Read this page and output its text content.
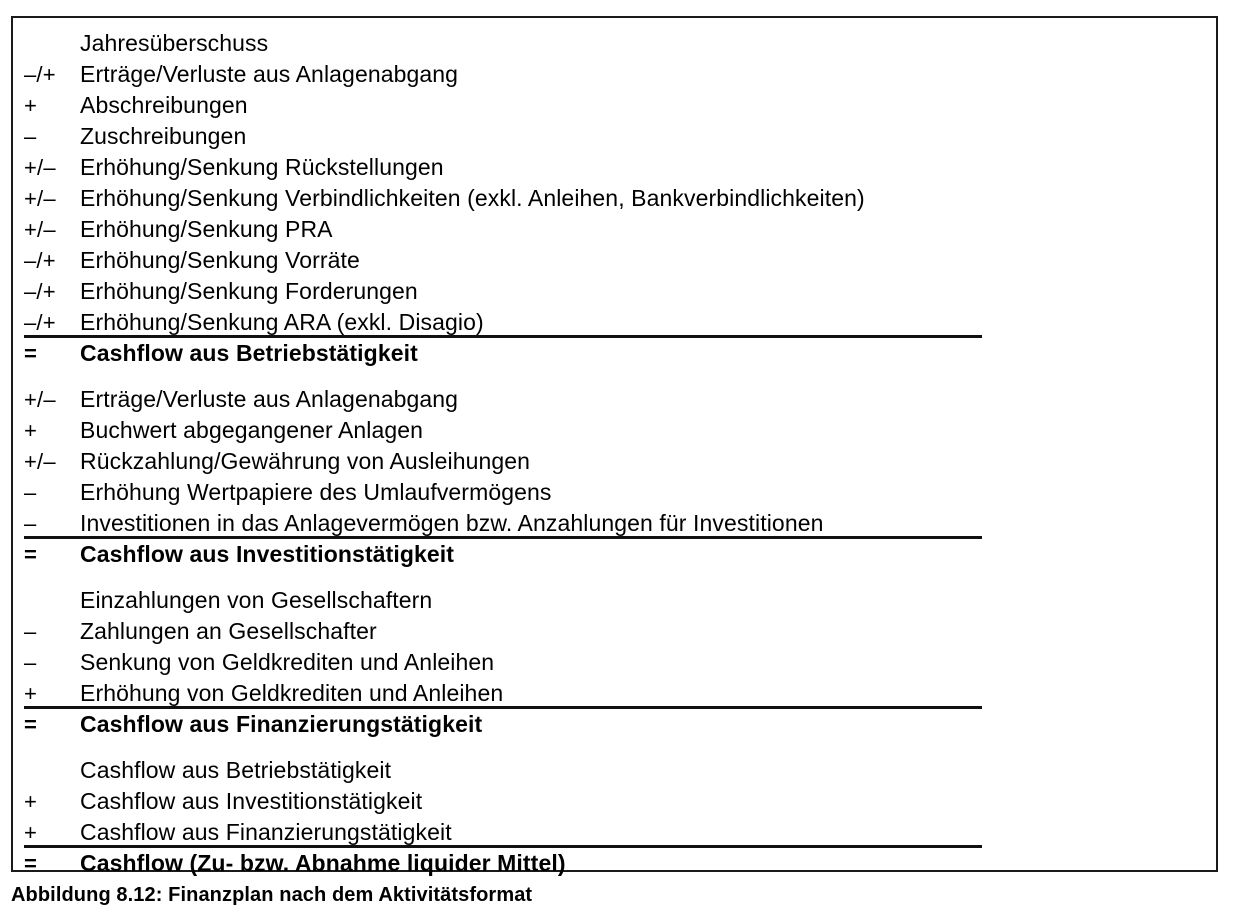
Jahresüberschuss
–/+	Erträge/Verluste aus Anlagenabgang
+	Abschreibungen
–	Zuschreibungen
+/–	Erhöhung/Senkung Rückstellungen
+/–	Erhöhung/Senkung Verbindlichkeiten (exkl. Anleihen, Bankverbindlichkeiten)
+/–	Erhöhung/Senkung PRA
–/+	Erhöhung/Senkung Vorräte
–/+	Erhöhung/Senkung Forderungen
–/+	Erhöhung/Senkung ARA (exkl. Disagio)
=	Cashflow aus Betriebstätigkeit
+/–	Erträge/Verluste aus Anlagenabgang
+	Buchwert abgegangener Anlagen
+/–	Rückzahlung/Gewährung von Ausleihungen
–	Erhöhung Wertpapiere des Umlaufvermögens
–	Investitionen in das Anlagevermögen bzw. Anzahlungen für Investitionen
=	Cashflow aus Investitionstätigkeit
Einzahlungen von Gesellschaftern
–	Zahlungen an Gesellschafter
–	Senkung von Geldkrediten und Anleihen
+	Erhöhung von Geldkrediten und Anleihen
=	Cashflow aus Finanzierungstätigkeit
Cashflow aus Betriebstätigkeit
+	Cashflow aus Investitionstätigkeit
+	Cashflow aus Finanzierungstätigkeit
=	Cashflow (Zu- bzw. Abnahme liquider Mittel)
Abbildung 8.12: Finanzplan nach dem Aktivitätsformat
